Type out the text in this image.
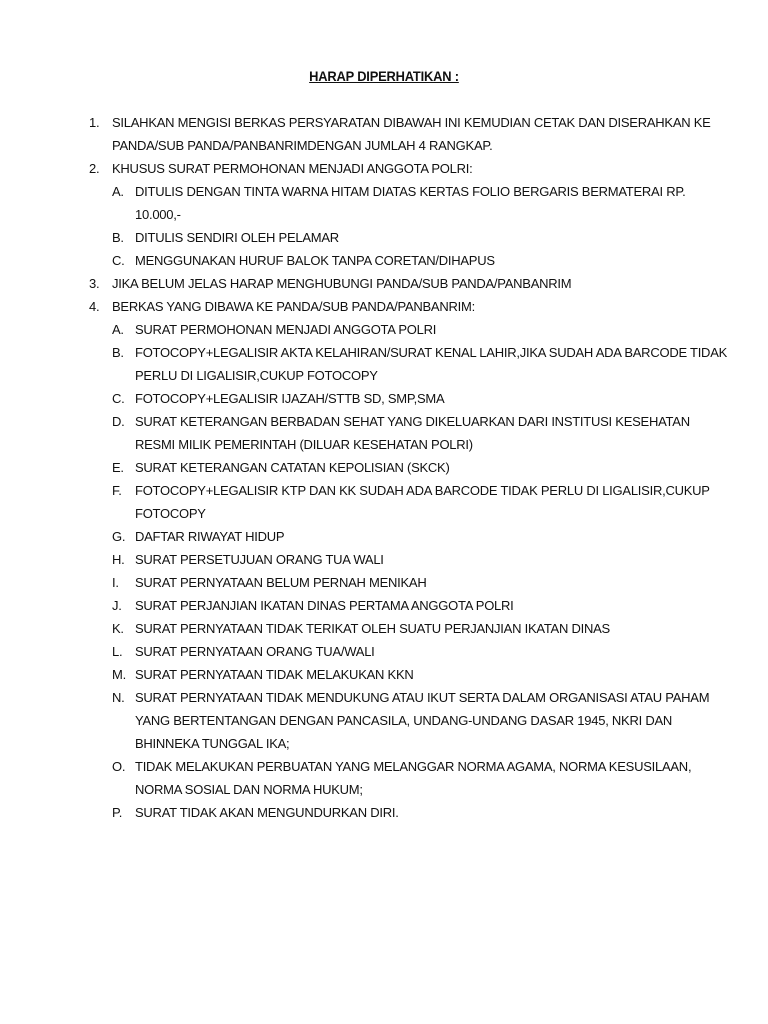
HARAP DIPERHATIKAN :
1. SILAHKAN MENGISI BERKAS PERSYARATAN DIBAWAH INI KEMUDIAN CETAK DAN DISERAHKAN KE
PANDA/SUB PANDA/PANBANRIMDENGAN JUMLAH 4 RANGKAP.
2. KHUSUS SURAT PERMOHONAN MENJADI ANGGOTA POLRI:
A. DITULIS DENGAN TINTA WARNA HITAM DIATAS KERTAS FOLIO BERGARIS BERMATERAI RP.
10.000,-
B. DITULIS SENDIRI OLEH PELAMAR
C. MENGGUNAKAN HURUF BALOK TANPA CORETAN/DIHAPUS
3. JIKA BELUM JELAS HARAP MENGHUBUNGI PANDA/SUB PANDA/PANBANRIM
4. BERKAS YANG DIBAWA KE PANDA/SUB PANDA/PANBANRIM:
A. SURAT PERMOHONAN MENJADI ANGGOTA POLRI
B. FOTOCOPY+LEGALISIR AKTA KELAHIRAN/SURAT KENAL LAHIR,JIKA SUDAH ADA BARCODE TIDAK
PERLU DI LIGALISIR,CUKUP FOTOCOPY
C. FOTOCOPY+LEGALISIR IJAZAH/STTB SD, SMP,SMA
D. SURAT KETERANGAN BERBADAN SEHAT YANG DIKELUARKAN DARI INSTITUSI KESEHATAN
RESMI MILIK PEMERINTAH (DILUAR KESEHATAN POLRI)
E. SURAT KETERANGAN CATATAN KEPOLISIAN (SKCK)
F.	FOTOCOPY+LEGALISIR KTP DAN KK SUDAH ADA BARCODE TIDAK PERLU DI LIGALISIR,CUKUP
FOTOCOPY
G. DAFTAR RIWAYAT HIDUP
H. SURAT PERSETUJUAN ORANG TUA WALI
I.	SURAT PERNYATAAN BELUM PERNAH MENIKAH
J.	SURAT PERJANJIAN IKATAN DINAS PERTAMA ANGGOTA POLRI
K. SURAT PERNYATAAN TIDAK TERIKAT OLEH SUATU PERJANJIAN IKATAN DINAS
L. SURAT PERNYATAAN ORANG TUA/WALI
M. SURAT PERNYATAAN TIDAK MELAKUKAN KKN
N. SURAT PERNYATAAN TIDAK MENDUKUNG ATAU IKUT SERTA DALAM ORGANISASI ATAU PAHAM
YANG BERTENTANGAN DENGAN PANCASILA, UNDANG-UNDANG DASAR 1945, NKRI DAN
BHINNEKA TUNGGAL IKA;
O. TIDAK MELAKUKAN PERBUATAN YANG MELANGGAR NORMA AGAMA, NORMA KESUSILAAN,
NORMA SOSIAL DAN NORMA HUKUM;
P. SURAT TIDAK AKAN MENGUNDURKAN DIRI.
